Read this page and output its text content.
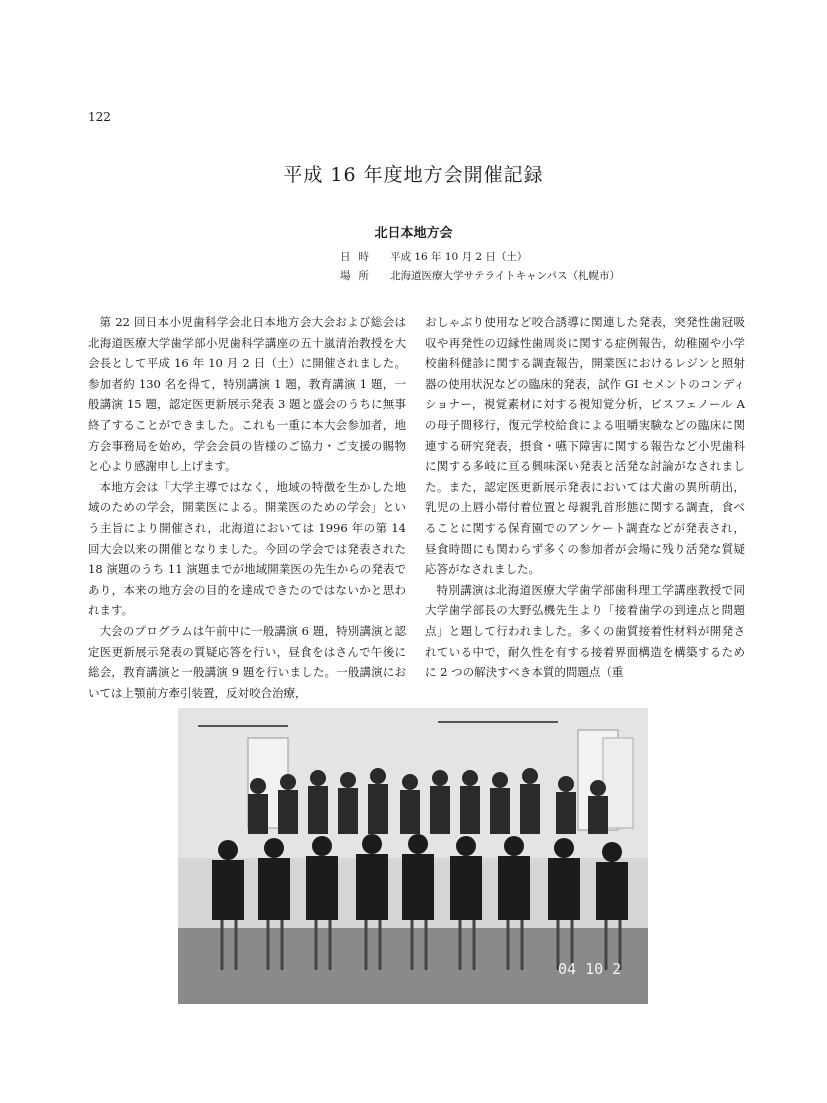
122
平成 16 年度地方会開催記録
北日本地方会
日時 平成 16 年 10 月 2 日（土）
場所 北海道医療大学サテライトキャンパス（札幌市）

第 22 回日本小児歯科学会北日本地方会大会および総会は北海道医療大学歯学部小児歯科学講座の五十嵐清治教授を大会長として平成 16 年 10 月 2 日（土）に開催されました。参加者約 130 名を得て，特別講演 1 題，教育講演 1 題，一般講演 15 題，認定医更新展示発表 3 題と盛会のうちに無事終了することができました。これも一重に本大会参加者，地方会事務局を始め，学会会員の皆様のご協力・ご支援の賜物と心より感謝申し上げます。

本地方会は「大学主導ではなく，地域の特徴を生かした地域のための学会，開業医による。開業医のための学会」という主旨により開催され，北海道においては 1996 年の第 14 回大会以来の開催となりました。今回の学会では発表された 18 演題のうち 11 演題までが地域開業医の先生からの発表であり，本来の地方会の目的を達成できたのではないかと思われます。

大会のプログラムは午前中に一般講演 6 題，特別講演と認定医更新展示発表の質疑応答を行い，昼食をはさんで午後に総会，教育講演と一般講演 9 題を行いました。一般講演においては上顎前方牽引装置，反対咬合治療，

おしゃぶり使用など咬合誘導に関連した発表，突発性歯冠吸収や再発性の辺縁性歯周炎に関する症例報告，幼稚園や小学校歯科健診に関する調査報告，開業医におけるレジンと照射器の使用状況などの臨床的発表，試作 GI セメントのコンディショナー，視覚素材に対する視知覚分析，ビスフェノール A の母子間移行，復元学校給食による咀嚼実験などの臨床に関連する研究発表，摂食・嚥下障害に関する報告など小児歯科に関する多岐に亘る興味深い発表と活発な討論がなされました。また，認定医更新展示発表においては犬歯の異所萌出，乳児の上唇小帯付着位置と母親乳首形態に関する調査，食べることに関する保育園でのアンケート調査などが発表され，昼食時間にも関わらず多くの参加者が会場に残り活発な質疑応答がなされました。

特別講演は北海道医療大学歯学部歯科理工学講座教授で同大学歯学部長の大野弘機先生より「接着歯学の到達点と問題点」と題して行われました。多くの歯質接着性材料が開発されている中で，耐久性を有する接着界面構造を構築するために 2 つの解決すべき本質的問題点（重

04 10 2
